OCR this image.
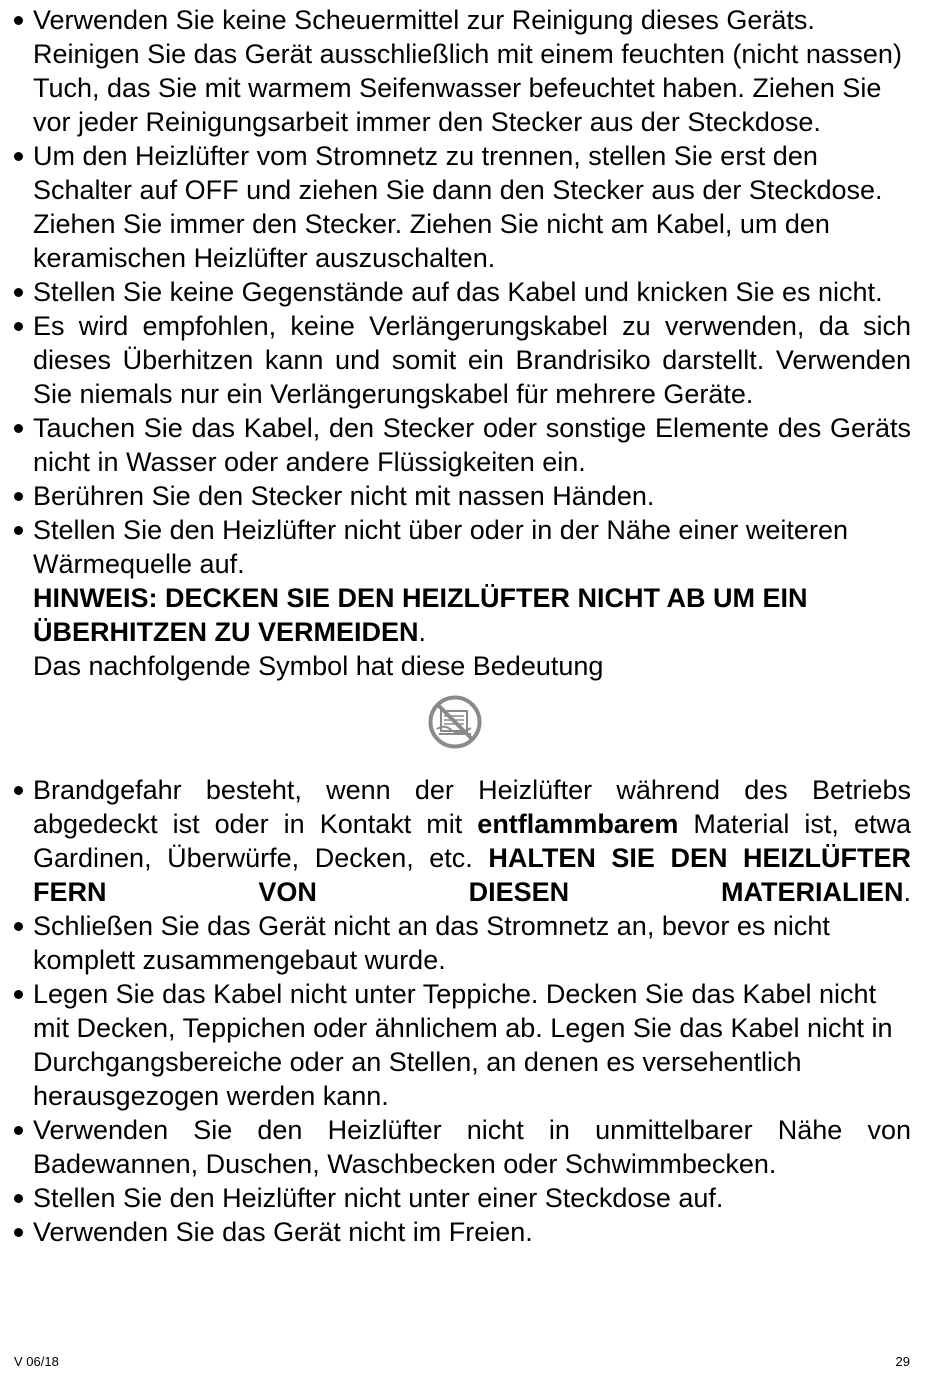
Verwenden Sie keine Scheuermittel zur Reinigung dieses Geräts. Reinigen Sie das Gerät ausschließlich mit einem feuchten (nicht nassen) Tuch, das Sie mit warmem Seifenwasser befeuchtet haben. Ziehen Sie vor jeder Reinigungsarbeit immer den Stecker aus der Steckdose.
Um den Heizlüfter vom Stromnetz zu trennen, stellen Sie erst den Schalter auf OFF und ziehen Sie dann den Stecker aus der Steckdose. Ziehen Sie immer den Stecker. Ziehen Sie nicht am Kabel, um den keramischen Heizlüfter auszuschalten.
Stellen Sie keine Gegenstände auf das Kabel und knicken Sie es nicht.
Es wird empfohlen, keine Verlängerungskabel zu verwenden, da sich dieses Überhitzen kann und somit ein Brandrisiko darstellt. Verwenden Sie niemals nur ein Verlängerungskabel für mehrere Geräte.
Tauchen Sie das Kabel, den Stecker oder sonstige Elemente des Geräts nicht in Wasser oder andere Flüssigkeiten ein.
Berühren Sie den Stecker nicht mit nassen Händen.
Stellen Sie den Heizlüfter nicht über oder in der Nähe einer weiteren Wärmequelle auf.
HINWEIS: DECKEN SIE DEN HEIZLÜFTER NICHT AB UM EIN ÜBERHITZEN ZU VERMEIDEN.
Das nachfolgende Symbol hat diese Bedeutung
Brandgefahr besteht, wenn der Heizlüfter während des Betriebs abgedeckt ist oder in Kontakt mit entflammbarem Material ist, etwa Gardinen, Überwürfe, Decken, etc. HALTEN SIE DEN HEIZLÜFTER FERN VON DIESEN MATERIALIEN.
Schließen Sie das Gerät nicht an das Stromnetz an, bevor es nicht komplett zusammengebaut wurde.
Legen Sie das Kabel nicht unter Teppiche. Decken Sie das Kabel nicht mit Decken, Teppichen oder ähnlichem ab. Legen Sie das Kabel nicht in Durchgangsbereiche oder an Stellen, an denen es versehentlich herausgezogen werden kann.
Verwenden Sie den Heizlüfter nicht in unmittelbarer Nähe von Badewannen, Duschen, Waschbecken oder Schwimmbecken.
Stellen Sie den Heizlüfter nicht unter einer Steckdose auf.
Verwenden Sie das Gerät nicht im Freien.
V 06/18	29
